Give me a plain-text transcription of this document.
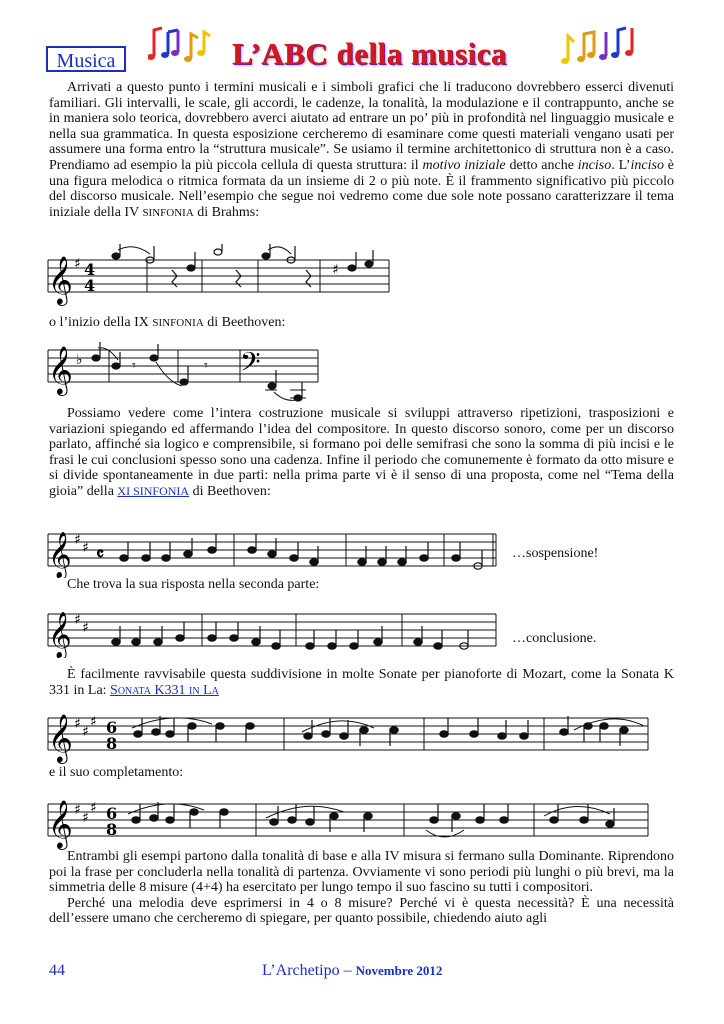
Musica	L’ABC della musica

Arrivati a questo punto i termini musicali e i simboli grafici che li traducono dovrebbero esserci divenuti familiari. Gli intervalli, le scale, gli accordi, le cadenze, la tonalità, la modulazione e il contrappunto, anche se in maniera solo teorica, dovrebbero averci aiutato ad entrare un po’ più in profondità nel linguaggio musicale e nella sua grammatica. In questa esposizione cercheremo di esaminare come questi materiali vengano usati per assumere una forma entro la “struttura musicale”. Se usiamo il termine architettonico di struttura non è a caso. Prendiamo ad esempio la più piccola cellula di questa struttura: il motivo iniziale detto anche inciso. L’inciso è una figura melodica o ritmica formata da un insieme di 2 o più note. È il frammento significativo più piccolo del discorso musicale. Nell’esempio che segue noi vedremo come due sole note possano caratterizzare il tema iniziale della IV SINFONIA di Brahms:

𝄞 ♯ 4
4
♯
o l’inizio della IX SINFONIA di Beethoven:
𝄞 ♭	𝄢
𝄾	𝄾

Possiamo vedere come l’intera costruzione musicale si sviluppi attraverso ripetizioni, trasposizioni e variazioni spiegando ed affermando l’idea del compositore. In questo discorso sonoro, come per un discorso parlato, affinché sia logico e comprensibile, si formano poi delle semifrasi che sono la somma di più incisi e le frasi le cui conclusioni spesso sono una cadenza. Infine il periodo che comunemente è formato da otto misure e si divide spontaneamente in due parti: nella prima parte vi è il senso di una proposta, come nel “Tema della gioia” della XI SINFONIA di Beethoven:

𝄞 ♯ ♯ 𝄴	…sospensione!
Che trova la sua risposta nella seconda parte:
𝄞 ♯ ♯
…conclusione.

È facilmente ravvisabile questa suddivisione in molte Sonate per pianoforte di Mozart, come la Sonata K 331 in La: Sonata K331 in La

𝄞 ♯ ♯
♯ 6
8
e il suo completamento:
𝄞 ♯ ♯
♯ 6
8

Entrambi gli esempi partono dalla tonalità di base e alla IV misura si fermano sulla Dominante. Riprendono poi la frase per concluderla nella tonalità di partenza. Ovviamente vi sono periodi più lunghi o più brevi, ma la simmetria delle 8 misure (4+4) ha esercitato per lungo tempo il suo fascino su tutti i compositori.

Perché una melodia deve esprimersi in 4 o 8 misure? Perché vi è questa necessità? È una necessità dell’essere umano che cercheremo di spiegare, per quanto possibile, chiedendo aiuto agli

44	L’Archetipo – Novembre 2012
